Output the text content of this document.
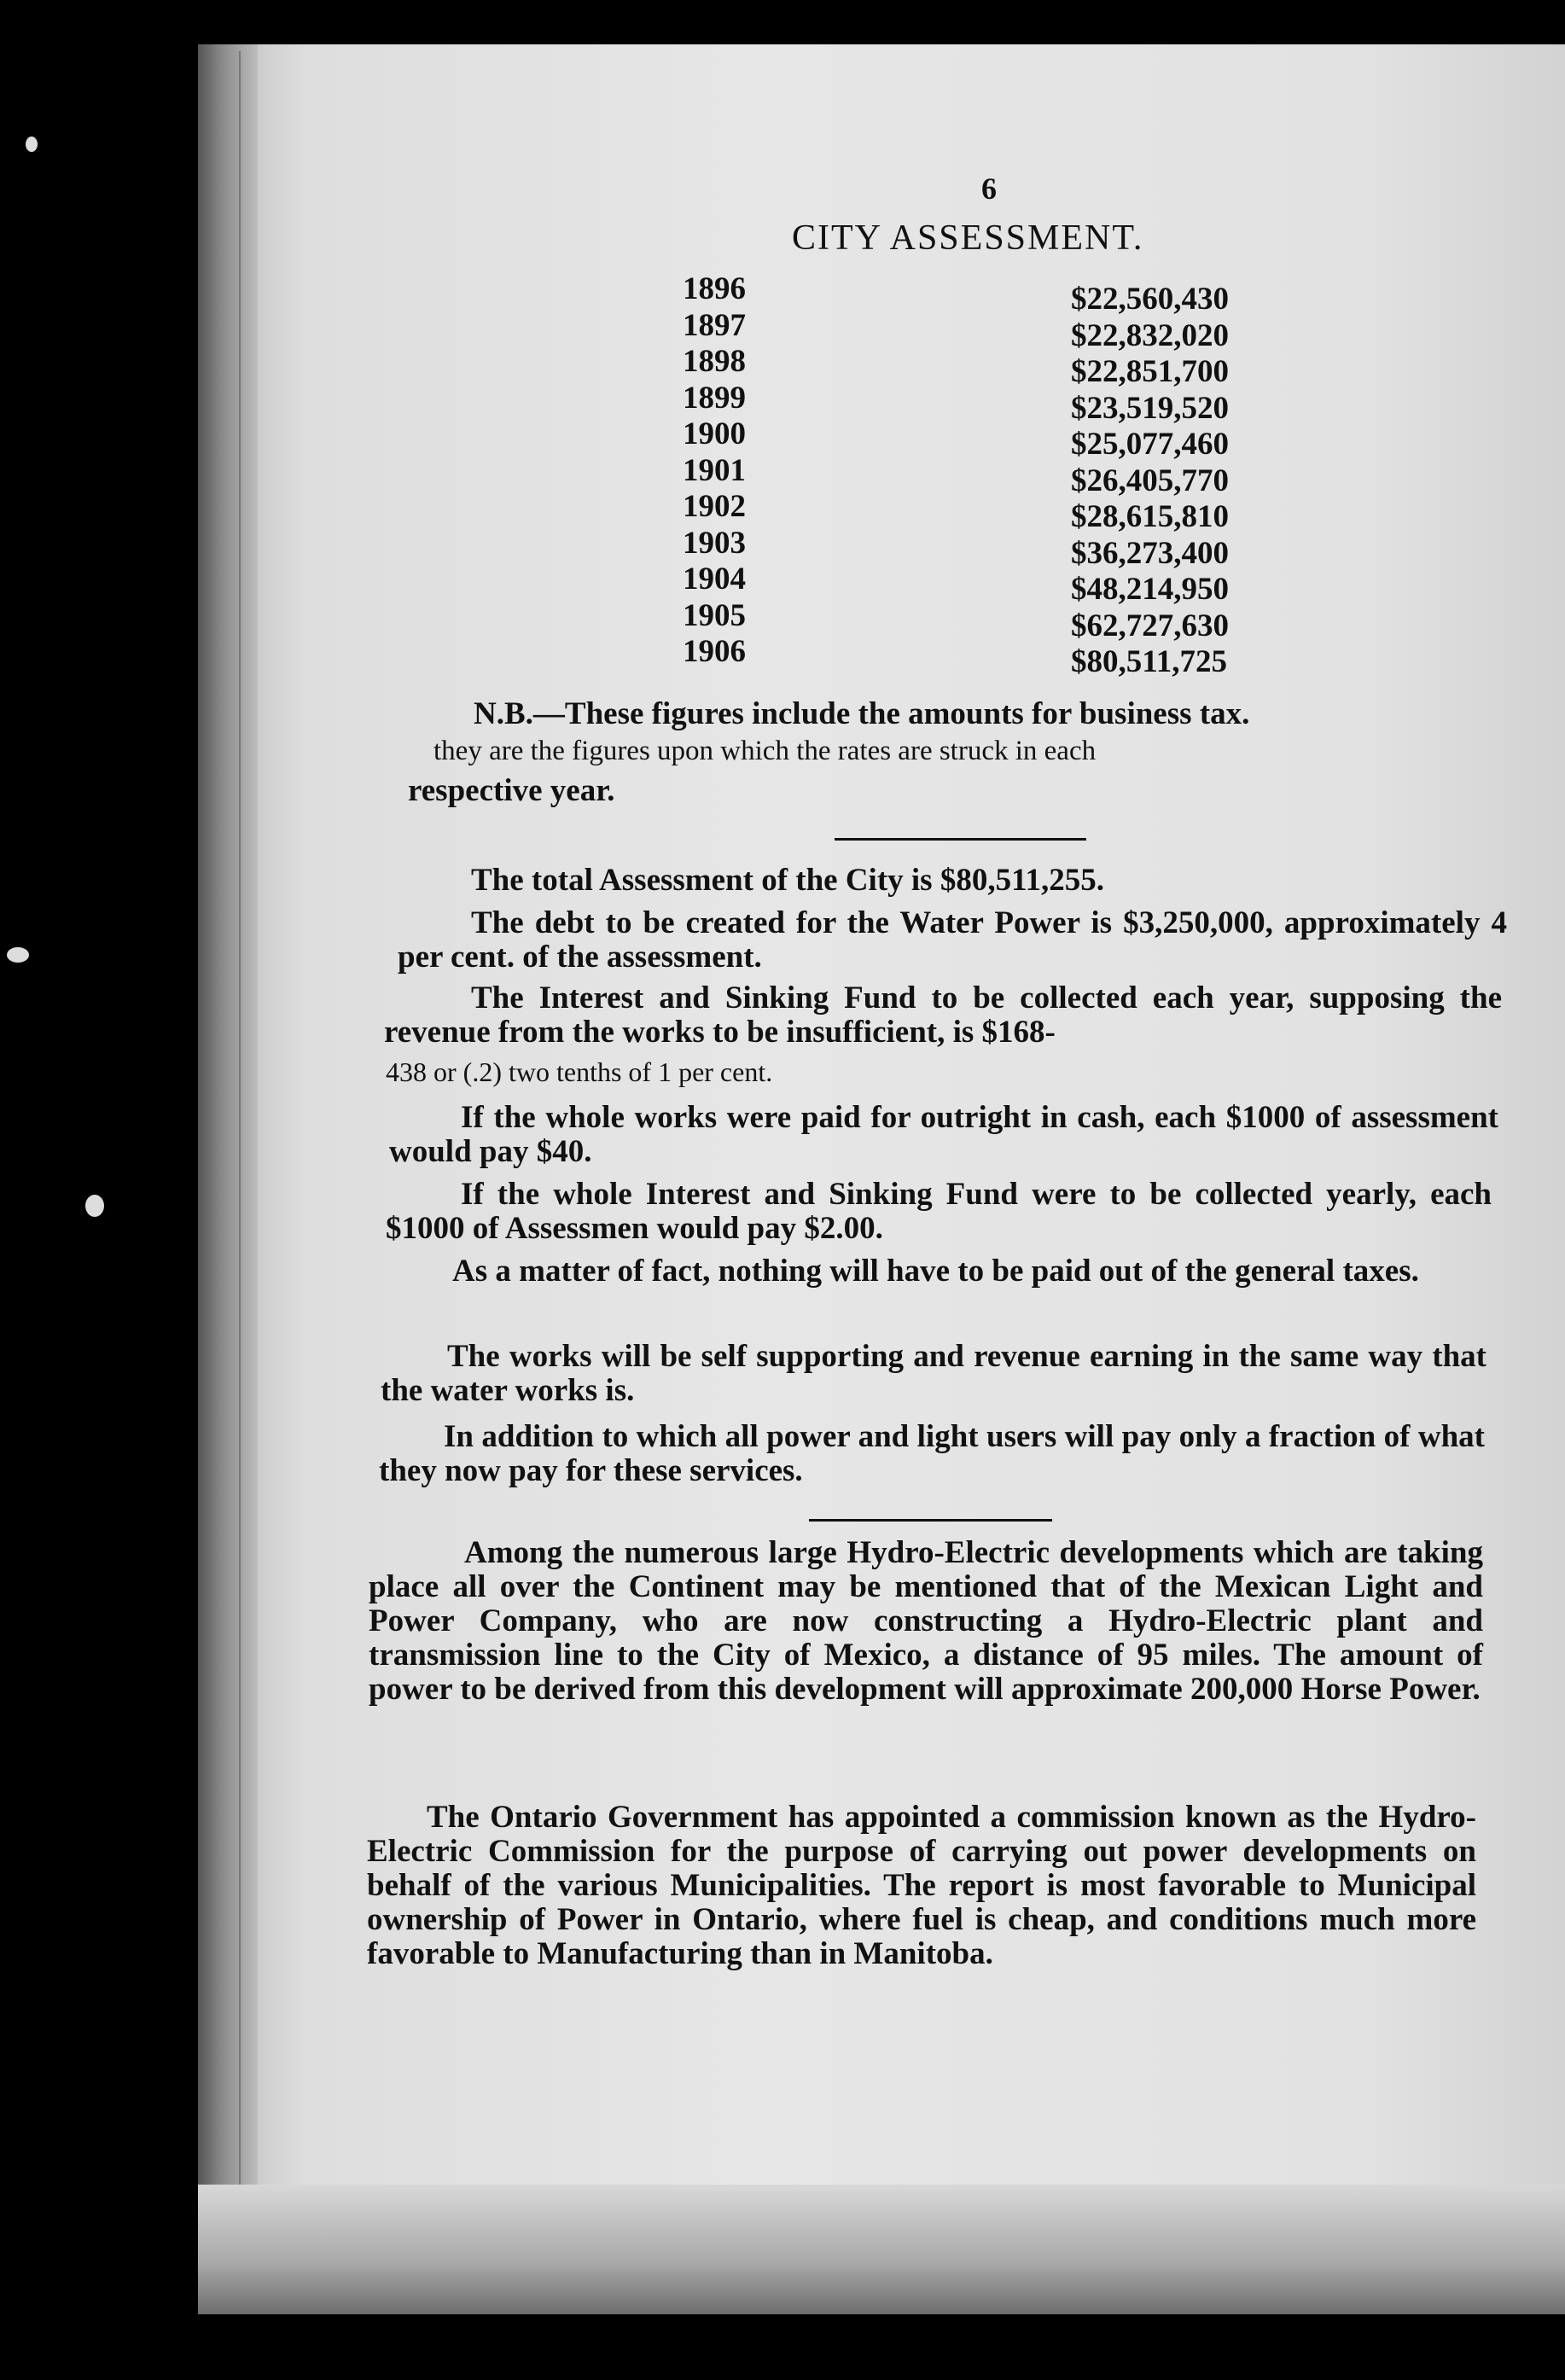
6
CITY ASSESSMENT.
1896
1897
1898
1899
1900
1901
1902
1903
1904
1905
1906
$22,560,430
$22,832,020
$22,851,700
$23,519,520
$25,077,460
$26,405,770
$28,615,810
$36,273,400
$48,214,950
$62,727,630
$80,511,725
N.B.—These figures include the amounts for business tax.
they are the figures upon which the rates are struck in each
respective year.
The total Assessment of the City is $80,511,255.
The debt to be created for the Water Power is $3,250,000, approximately 4 per cent. of the assessment.
The Interest and Sinking Fund to be collected each year, supposing the revenue from the works to be insufficient, is $168-
438 or (.2) two tenths of 1 per cent.
If the whole works were paid for outright in cash, each $1000 of assessment would pay $40.
If the whole Interest and Sinking Fund were to be collected yearly, each $1000 of Assessmen would pay $2.00.
As a matter of fact, nothing will have to be paid out of the general taxes.
The works will be self supporting and revenue earning in the same way that the water works is.
In addition to which all power and light users will pay only a fraction of what they now pay for these services.
Among the numerous large Hydro-Electric developments which are taking place all over the Continent may be mentioned that of the Mexican Light and Power Company, who are now constructing a Hydro-Electric plant and transmission line to the City of Mexico, a distance of 95 miles. The amount of power to be derived from this development will approximate 200,000 Horse Power.
The Ontario Government has appointed a commission known as the Hydro-Electric Commission for the purpose of carrying out power developments on behalf of the various Municipalities. The report is most favorable to Municipal ownership of Power in Ontario, where fuel is cheap, and conditions much more favorable to Manufacturing than in Manitoba.
